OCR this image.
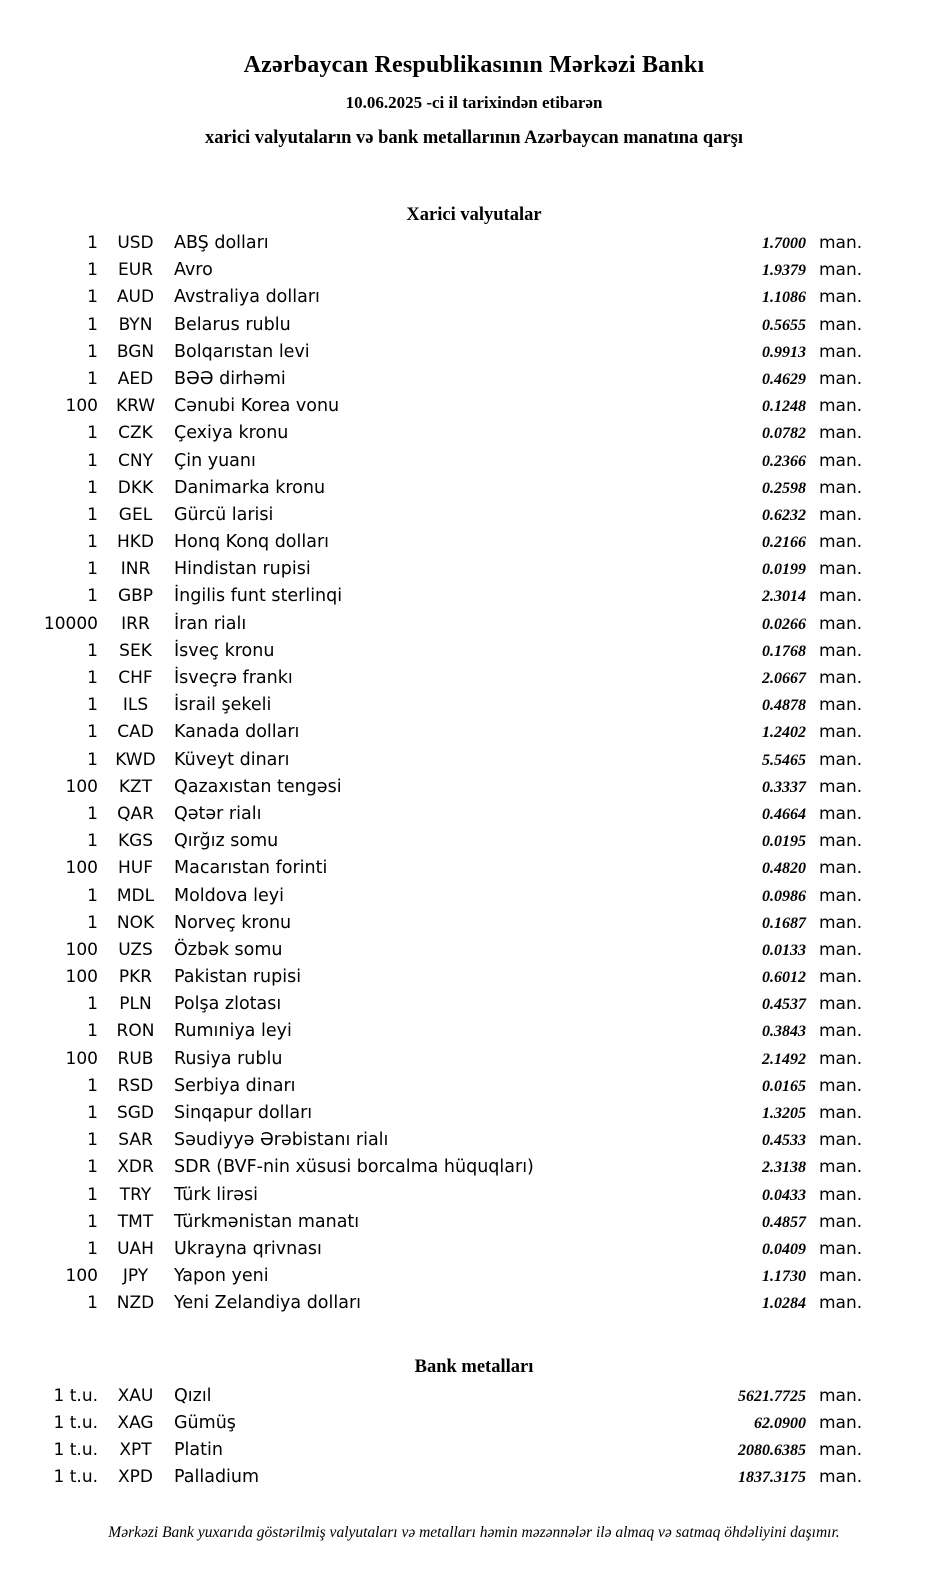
Azərbaycan Respublikasının Mərkəzi Bankı
10.06.2025 -ci il tarixindən etibarən
xarici valyutaların və bank metallarının Azərbaycan manatına qarşı
Xarici valyutalar
1	USD	ABŞ dolları	1.7000 man.
1	EUR	Avro	1.9379 man.
1	AUD	Avstraliya dolları	1.1086 man.
1	BYN	Belarus rublu	0.5655 man.
1	BGN	Bolqarıstan levi	0.9913 man.
1	AED	BƏƏ dirhəmi	0.4629 man.
100	KRW	Cənubi Korea vonu	0.1248 man.
1	CZK	Çexiya kronu	0.0782 man.
1	CNY	Çin yuanı	0.2366 man.
1	DKK	Danimarka kronu	0.2598 man.
1	GEL	Gürcü larisi	0.6232 man.
1	HKD	Honq Konq dolları	0.2166 man.
1	INR	Hindistan rupisi	0.0199 man.
1	GBP	İngilis funt sterlinqi	2.3014 man.
10000	IRR	İran rialı	0.0266 man.
1	SEK	İsveç kronu	0.1768 man.
1	CHF	İsveçrə frankı	2.0667 man.
1	ILS	İsrail şekeli	0.4878 man.
1	CAD	Kanada dolları	1.2402 man.
1	KWD	Küveyt dinarı	5.5465 man.
100	KZT	Qazaxıstan tengəsi	0.3337 man.
1	QAR	Qətər rialı	0.4664 man.
1	KGS	Qırğız somu	0.0195 man.
100	HUF	Macarıstan forinti	0.4820 man.
1	MDL	Moldova leyi	0.0986 man.
1	NOK	Norveç kronu	0.1687 man.
100	UZS	Özbək somu	0.0133 man.
100	PKR	Pakistan rupisi	0.6012 man.
1	PLN	Polşa zlotası	0.4537 man.
1	RON	Rumıniya leyi	0.3843 man.
100	RUB	Rusiya rublu	2.1492 man.
1	RSD	Serbiya dinarı	0.0165 man.
1	SGD	Sinqapur dolları	1.3205 man.
1	SAR	Səudiyyə Ərəbistanı rialı	0.4533 man.
1	XDR	SDR (BVF-nin xüsusi borcalma hüquqları)	2.3138 man.
1	TRY	Türk lirəsi	0.0433 man.
1	TMT	Türkmənistan manatı	0.4857 man.
1	UAH	Ukrayna qrivnası	0.0409 man.
100	JPY	Yapon yeni	1.1730 man.
1	NZD	Yeni Zelandiya dolları	1.0284 man.
Bank metalları
1 t.u.	XAU	Qızıl	5621.7725 man.
1 t.u.	XAG	Gümüş	62.0900 man.
1 t.u.	XPT	Platin	2080.6385 man.
1 t.u.	XPD	Palladium	1837.3175 man.
Mərkəzi Bank yuxarıda göstərilmiş valyutaları və metalları həmin məzənnələr ilə almaq və satmaq öhdəliyini daşımır.
